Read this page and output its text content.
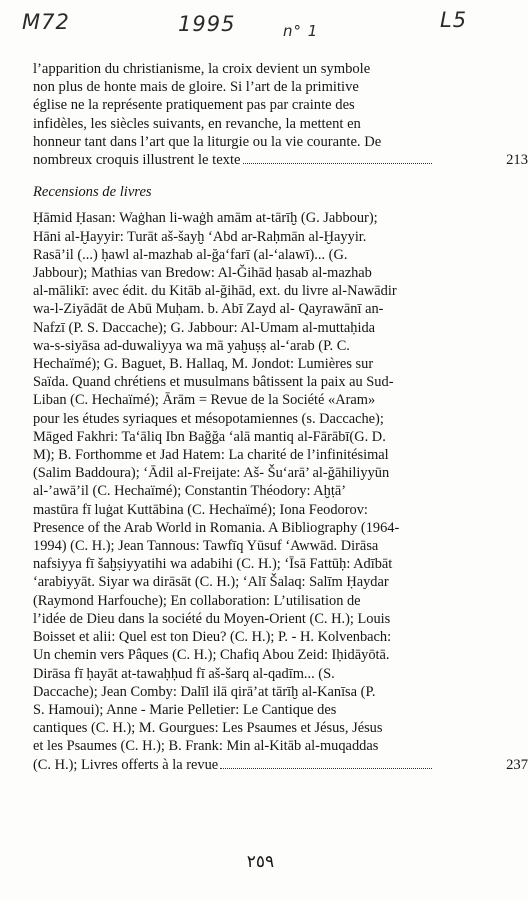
M72	1995	n° 1	L5

l’apparition du christianisme, la croix devient un symbole

non plus de honte mais de gloire. Si l’art de la primitive

église ne la représente pratiquement pas par crainte des

infidèles, les siècles suivants, en revanche, la mettent en

honneur tant dans l’art que la liturgie ou la vie courante. De

nombreux croquis illustrent le texte	213

Recensions de livres

Ḥāmid Ḥasan: Waġhan li-waġh amām at-tārīḫ (G. Jabbour);

Hāni al-Ḫayyir: Turāt aš-šayḫ ‘Abd ar-Raḥmān al-Ḫayyir.

Rasā’il (...) ḥawl al-mazhab al-ğa‘farī (al-‘alawī)... (G.

Jabbour); Mathias van Bredow: Al-Ğihād ḥasab al-mazhab

al-mālikī: avec édit. du Kitāb al-ğihād, ext. du livre al-Nawādir

wa-l-Ziyādāt de Abū Muḥam. b. Abī Zayd al- Qayrawānī an-

Nafzī (P. S. Daccache); G. Jabbour: Al-Umam al-muttaḥida

wa-s-siyāsa ad-duwaliyya wa mā yaḫuṣṣ al-‘arab (P. C.

Hechaïmé); G. Baguet, B. Hallaq, M. Jondot: Lumières sur

Saïda. Quand chrétiens et musulmans bâtissent la paix au Sud-

Liban (C. Hechaïmé); Ārām = Revue de la Société «Aram»

pour les études syriaques et mésopotamiennes (s. Daccache);

Māged Fakhri: Ta‘āliq Ibn Bağğa ‘alā mantiq al-Fārābī(G. D.

M); B. Forthomme et Jad Hatem: La charité de l’infinitésimal

(Salim Baddoura); ‘Ādil al-Freijate: Aš- Šu‘arā’ al-ğāhiliyyūn

al-’awā’il (C. Hechaïmé); Constantin Théodory: Aḫṭā’

mastūra fī luġat Kuttābina (C. Hechaïmé); Iona Feodorov:

Presence of the Arab World in Romania. A Bibliography (1964-

1994) (C. H.); Jean Tannous: Tawfīq Yūsuf ‘Awwād. Dirāsa

nafsiyya fī šaḫṣiyyatihi wa adabihi (C. H.); ‘Īsā Fattūḥ: Adībāt

‘arabiyyāt. Siyar wa dirāsāt (C. H.); ‘Alī Šalaq: Salīm Ḥaydar

(Raymond Harfouche); En collaboration: L’utilisation de

l’idée de Dieu dans la société du Moyen-Orient (C. H.); Louis

Boisset et alii: Quel est ton Dieu? (C. H.); P. - H. Kolvenbach:

Un chemin vers Pâques (C. H.); Chafiq Abou Zeid: Iḥidāyōtā.

Dirāsa fī ḥayāt at-tawaḥḥud fī aš-šarq al-qadīm... (S.

Daccache); Jean Comby: Dalīl ilā qirā’at tārīḫ al-Kanīsa (P.

S. Hamoui); Anne - Marie Pelletier: Le Cantique des

cantiques (C. H.); M. Gourgues: Les Psaumes et Jésus, Jésus

et les Psaumes (C. H.); B. Frank: Min al-Kitāb al-muqaddas

(C. H.); Livres offerts à la revue	237
٢٥٩
